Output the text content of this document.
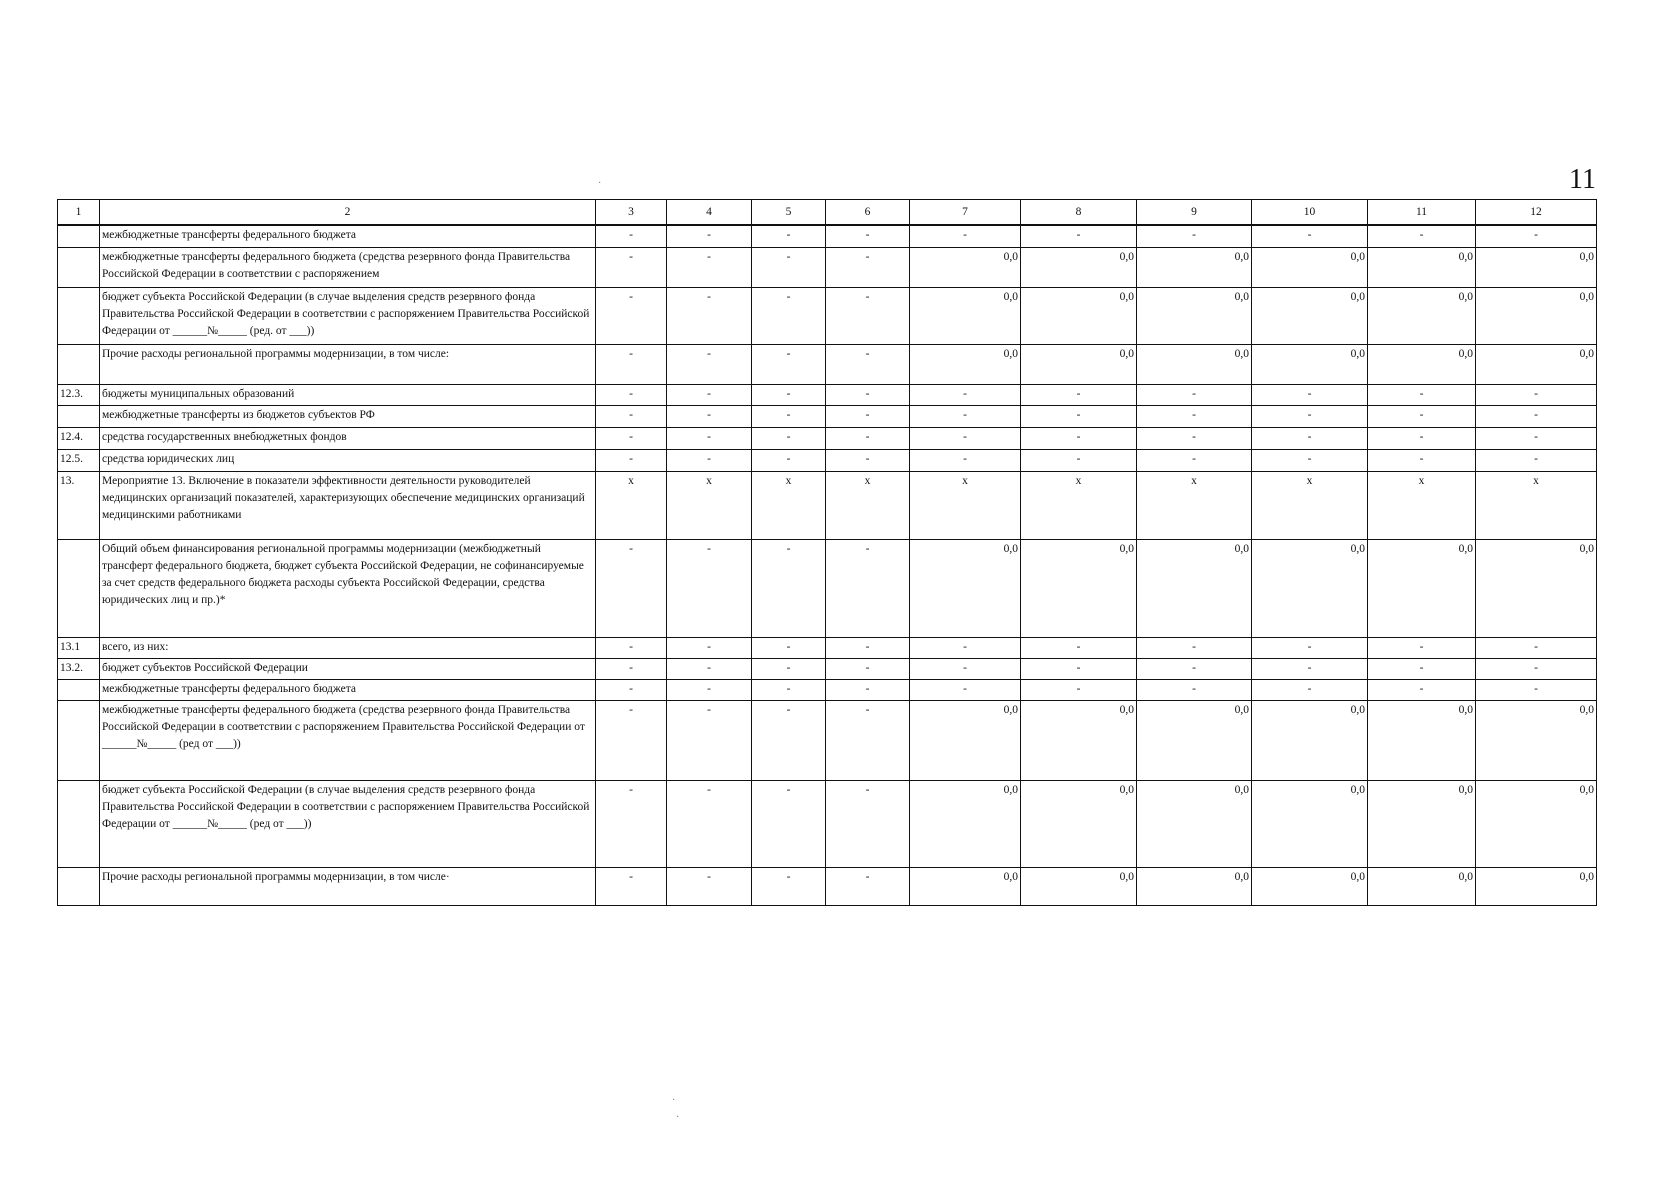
11
1	2	3	4	5	6	7	8	9	10	11	12
	межбюджетные трансферты федерального бюджета	-	-	-	-	-	-	-	-	-	-
	межбюджетные трансферты федерального бюджета (средства резервного фонда Правительства Российской Федерации в соответствии с распоряжением	-	-	-	-	0,0	0,0	0,0	0,0	0,0	0,0
	бюджет субъекта Российской Федерации (в случае выделения средств резервного фонда Правительства Российской Федерации в соответствии с распоряжением Правительства Российской Федерации от ______№_____ (ред. от ___))	-	-	-	-	0,0	0,0	0,0	0,0	0,0	0,0
	Прочие расходы региональной программы модернизации, в том числе:	-	-	-	-	0,0	0,0	0,0	0,0	0,0	0,0
12.3.	бюджеты муниципальных образований	-	-	-	-	-	-	-	-	-	-
	межбюджетные трансферты из бюджетов субъектов РФ	-	-	-	-	-	-	-	-	-	-
12.4.	средства государственных внебюджетных фондов	-	-	-	-	-	-	-	-	-	-
12.5.	средства юридических лиц	-	-	-	-	-	-	-	-	-	-
13.	Мероприятие 13. Включение в показатели эффективности деятельности руководителей медицинских организаций показателей, характеризующих обеспечение медицинских организаций медицинскими работниками	x	x	x	x	x	x	x	x	x	x
	Общий объем финансирования региональной программы модернизации (межбюджетный трансферт федерального бюджета, бюджет субъекта Российской Федерации, не софинансируемые за счет средств федерального бюджета расходы субъекта Российской Федерации, средства юридических лиц и пр.)*	-	-	-	-	0,0	0,0	0,0	0,0	0,0	0,0
13.1	всего, из них:	-	-	-	-	-	-	-	-	-	-
13.2.	бюджет субъектов Российской Федерации	-	-	-	-	-	-	-	-	-	-
	межбюджетные трансферты федерального бюджета	-	-	-	-	-	-	-	-	-	-
	межбюджетные трансферты федерального бюджета (средства резервного фонда Правительства Российской Федерации в соответствии с распоряжением Правительства Российской Федерации от ______№_____ (ред от ___))	-	-	-	-	0,0	0,0	0,0	0,0	0,0	0,0
	бюджет субъекта Российской Федерации (в случае выделения средств резервного фонда Правительства Российской Федерации в соответствии с распоряжением Правительства Российской Федерации от ______№_____ (ред от ___))	-	-	-	-	0,0	0,0	0,0	0,0	0,0	0,0
	Прочие расходы региональной программы модернизации, в том числе·	-	-	-	-	0,0	0,0	0,0	0,0	0,0	0,0
·
·
·
